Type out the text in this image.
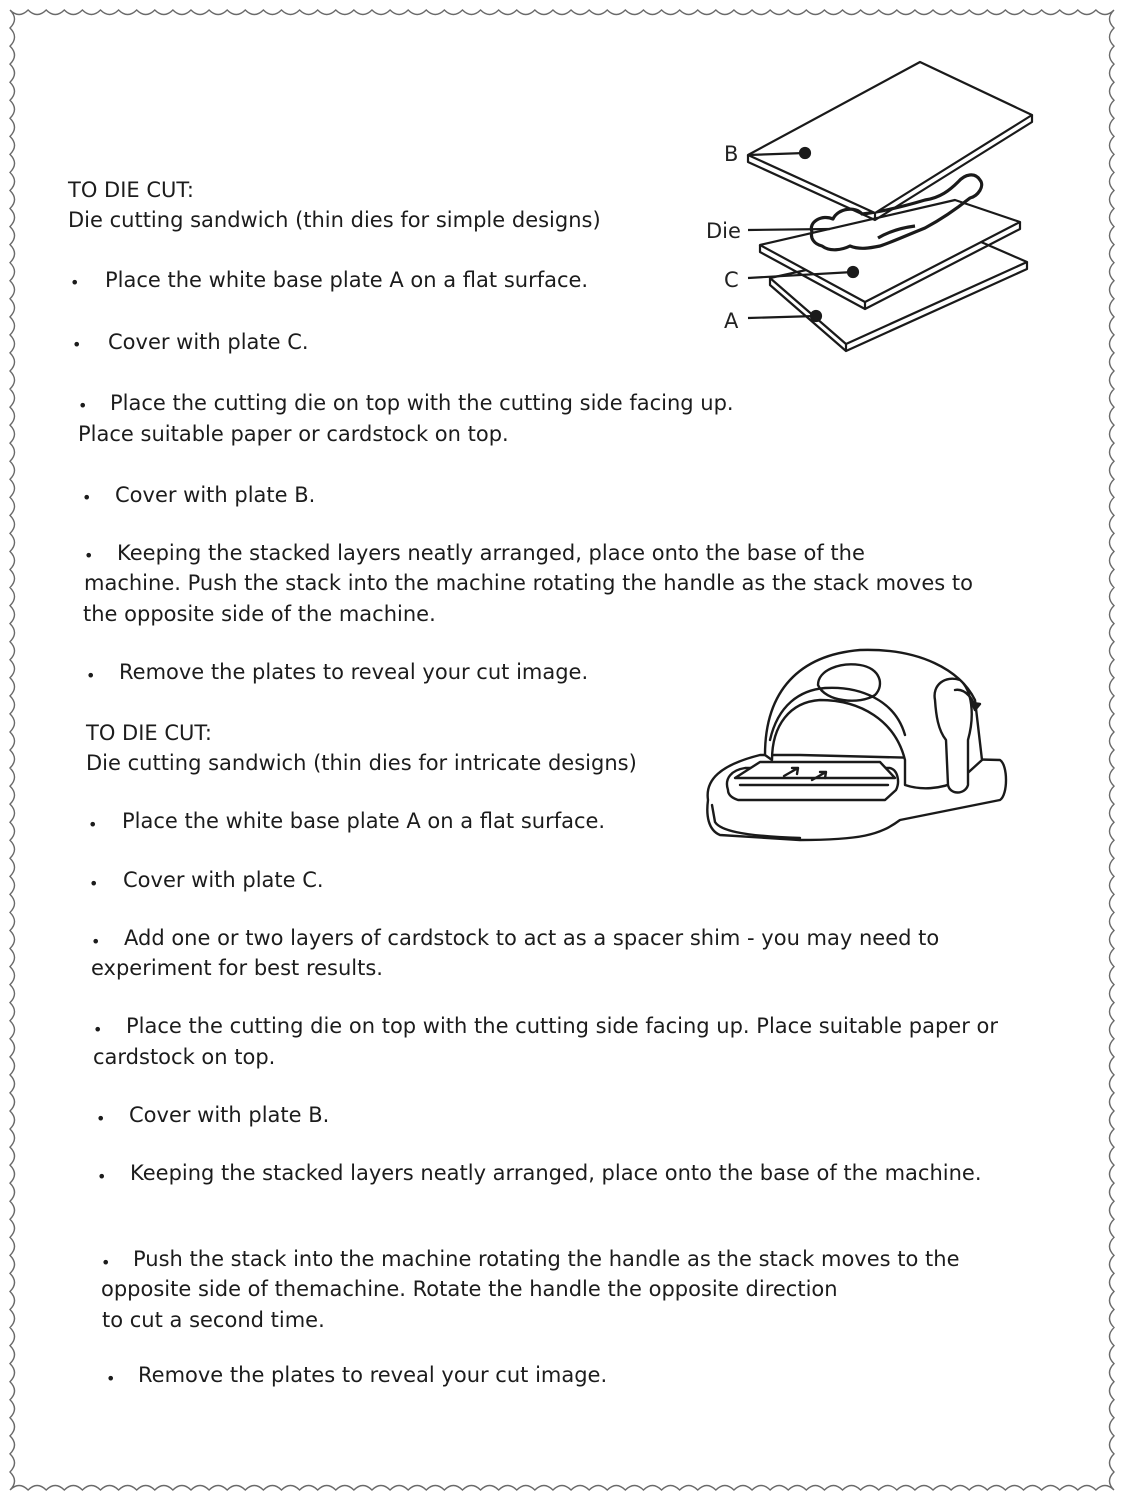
TO DIE CUT:
Die cutting sandwich (thin dies for simple designs)
• Place the white base plate A on a flat surface.
• Cover with plate C.
• Place the cutting die on top with the cutting side facing up.
Place suitable paper or cardstock on top.
• Cover with plate B.
• Keeping the stacked layers neatly arranged, place onto the base of the
machine. Push the stack into the machine rotating the handle as the stack moves to
the opposite side of the machine.
• Remove the plates to reveal your cut image.
TO DIE CUT:
Die cutting sandwich (thin dies for intricate designs)
• Place the white base plate A on a flat surface.
• Cover with plate C.
• Add one or two layers of cardstock to act as a spacer shim - you may need to
experiment for best results.
• Place the cutting die on top with the cutting side facing up. Place suitable paper or
cardstock on top.
• Cover with plate B.
• Keeping the stacked layers neatly arranged, place onto the base of the machine.
• Push the stack into the machine rotating the handle as the stack moves to the
opposite side of themachine. Rotate the handle the opposite direction
to cut a second time.
• Remove the plates to reveal your cut image.
B
Die
C
A
